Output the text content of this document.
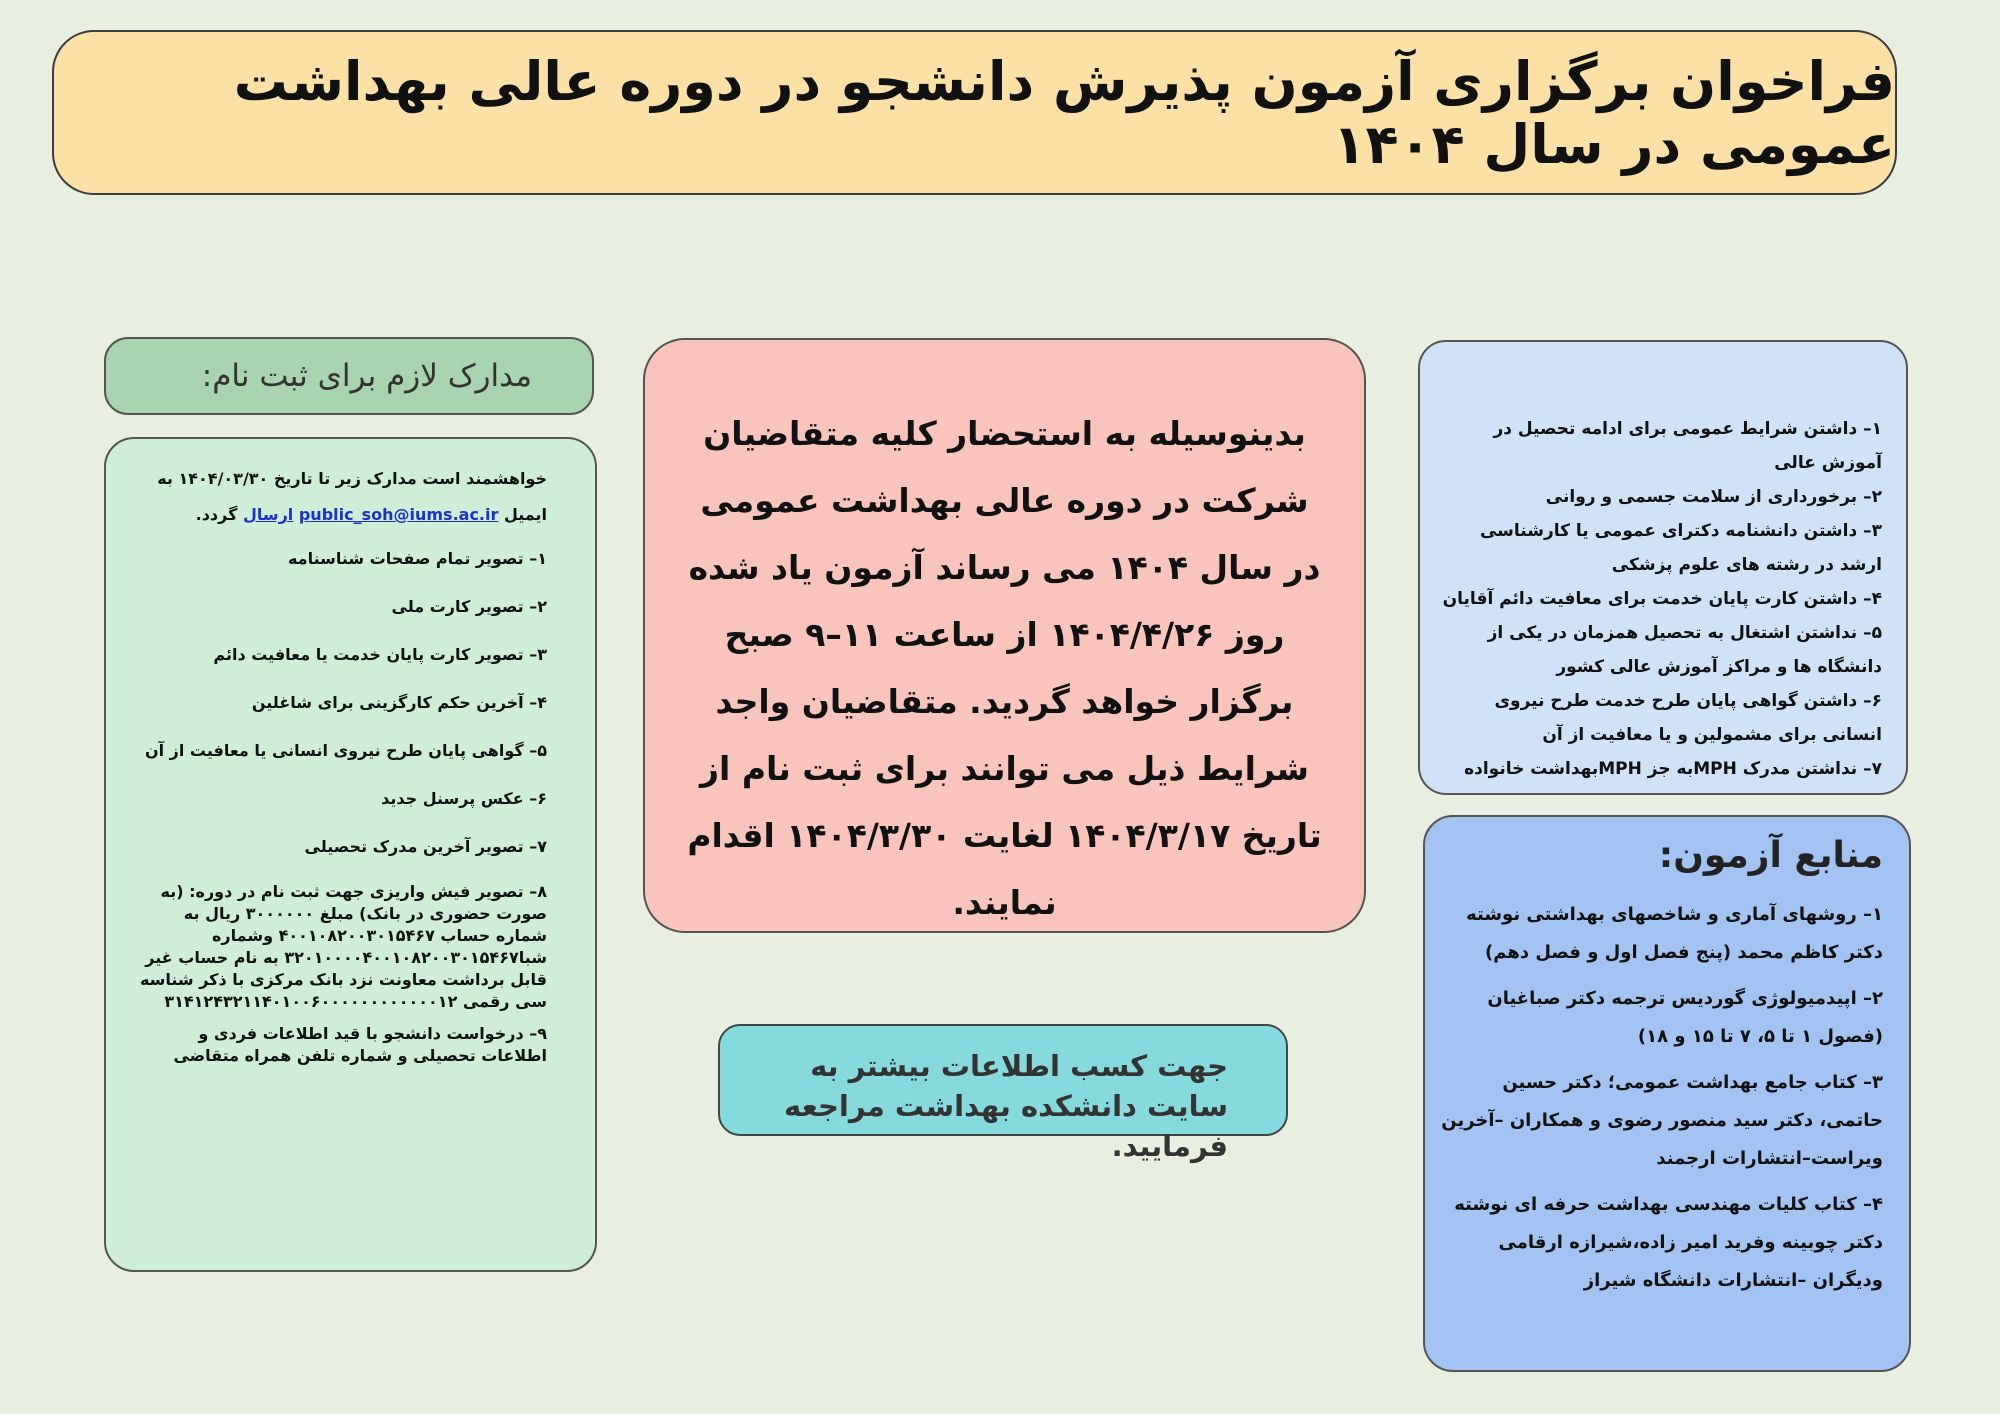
فراخوان برگزاری آزمون پذیرش دانشجو در دوره عالی بهداشت عمومی در سال ۱۴۰۴
۱– داشتن شرایط عمومی برای ادامه تحصیل در آموزش عالی
۲– برخورداری از سلامت جسمی و روانی
۳– داشتن دانشنامه دکترای عمومی یا کارشناسی ارشد در رشته های علوم پزشکی
۴– داشتن کارت پایان خدمت برای معافیت دائم آقایان
۵– نداشتن اشتغال به تحصیل همزمان در یکی از دانشگاه ها و مراکز آموزش عالی کشور
۶– داشتن گواهی پایان طرح خدمت طرح نیروی انسانی برای مشمولین و یا معافیت از آن
۷– نداشتن مدرک MPHبه جز MPHبهداشت خانواده
منابع آزمون:
۱– روشهای آماری و شاخصهای بهداشتی نوشته دکتر کاظم محمد (پنج فصل اول و فصل دهم)
۲– اپیدمیولوژی گوردیس ترجمه دکتر صباغیان (فصول ۱ تا ۵، ۷ تا ۱۵ و ۱۸)
۳– کتاب جامع بهداشت عمومی؛ دکتر حسین حاتمی، دکتر سید منصور رضوی و همکاران –آخرین ویراست–انتشارات ارجمند
۴– کتاب کلیات مهندسی بهداشت حرفه ای نوشته دکتر چوبینه وفرید امیر زاده،شیرازه ارقامی ودیگران –انتشارات دانشگاه شیراز

بدینوسیله به استحضار کلیه متقاضیان شرکت در دوره عالی بهداشت عمومی در سال ۱۴۰۴ می رساند آزمون یاد شده روز ۱۴۰۴/۴/۲۶ از ساعت ۱۱–۹ صبح برگزار خواهد گردید. متقاضیان واجد شرایط ذیل می توانند برای ثبت نام از تاریخ ۱۴۰۴/۳/۱۷ لغایت ۱۴۰۴/۳/۳۰ اقدام نمایند.

جهت کسب اطلاعات بیشتر به سایت دانشکده بهداشت مراجعه فرمایید.

مدارک لازم برای ثبت نام:

خواهشمند است مدارک زیر تا تاریخ ۱۴۰۴/۰۳/۳۰ به ایمیل public_soh@iums.ac.ir ارسال گردد.

۱– تصویر تمام صفحات شناسنامه
۲– تصویر کارت ملی
۳– تصویر کارت پایان خدمت یا معافیت دائم
۴– آخرین حکم کارگزینی برای شاغلین
۵– گواهی پایان طرح نیروی انسانی یا معافیت از آن
۶– عکس پرسنل جدید
۷– تصویر آخرین مدرک تحصیلی
۸– تصویر فیش واریزی جهت ثبت نام در دوره: (به صورت حضوری در بانک) مبلغ ۳۰۰۰۰۰۰ ریال به شماره حساب ۴۰۰۱۰۸۲۰۰۳۰۱۵۴۶۷ وشماره شبا۳۲۰۱۰۰۰۰۴۰۰۱۰۸۲۰۰۳۰۱۵۴۶۷ به نام حساب غیر قابل برداشت معاونت نزد بانک مرکزی با ذکر شناسه سی رقمی ۳۱۴۱۲۴۳۲۱۱۴۰۱۰۰۶۰۰۰۰۰۰۰۰۰۰۰۰۱۲
۹– درخواست دانشجو با قید اطلاعات فردی و اطلاعات تحصیلی و شماره تلفن همراه متقاضی
